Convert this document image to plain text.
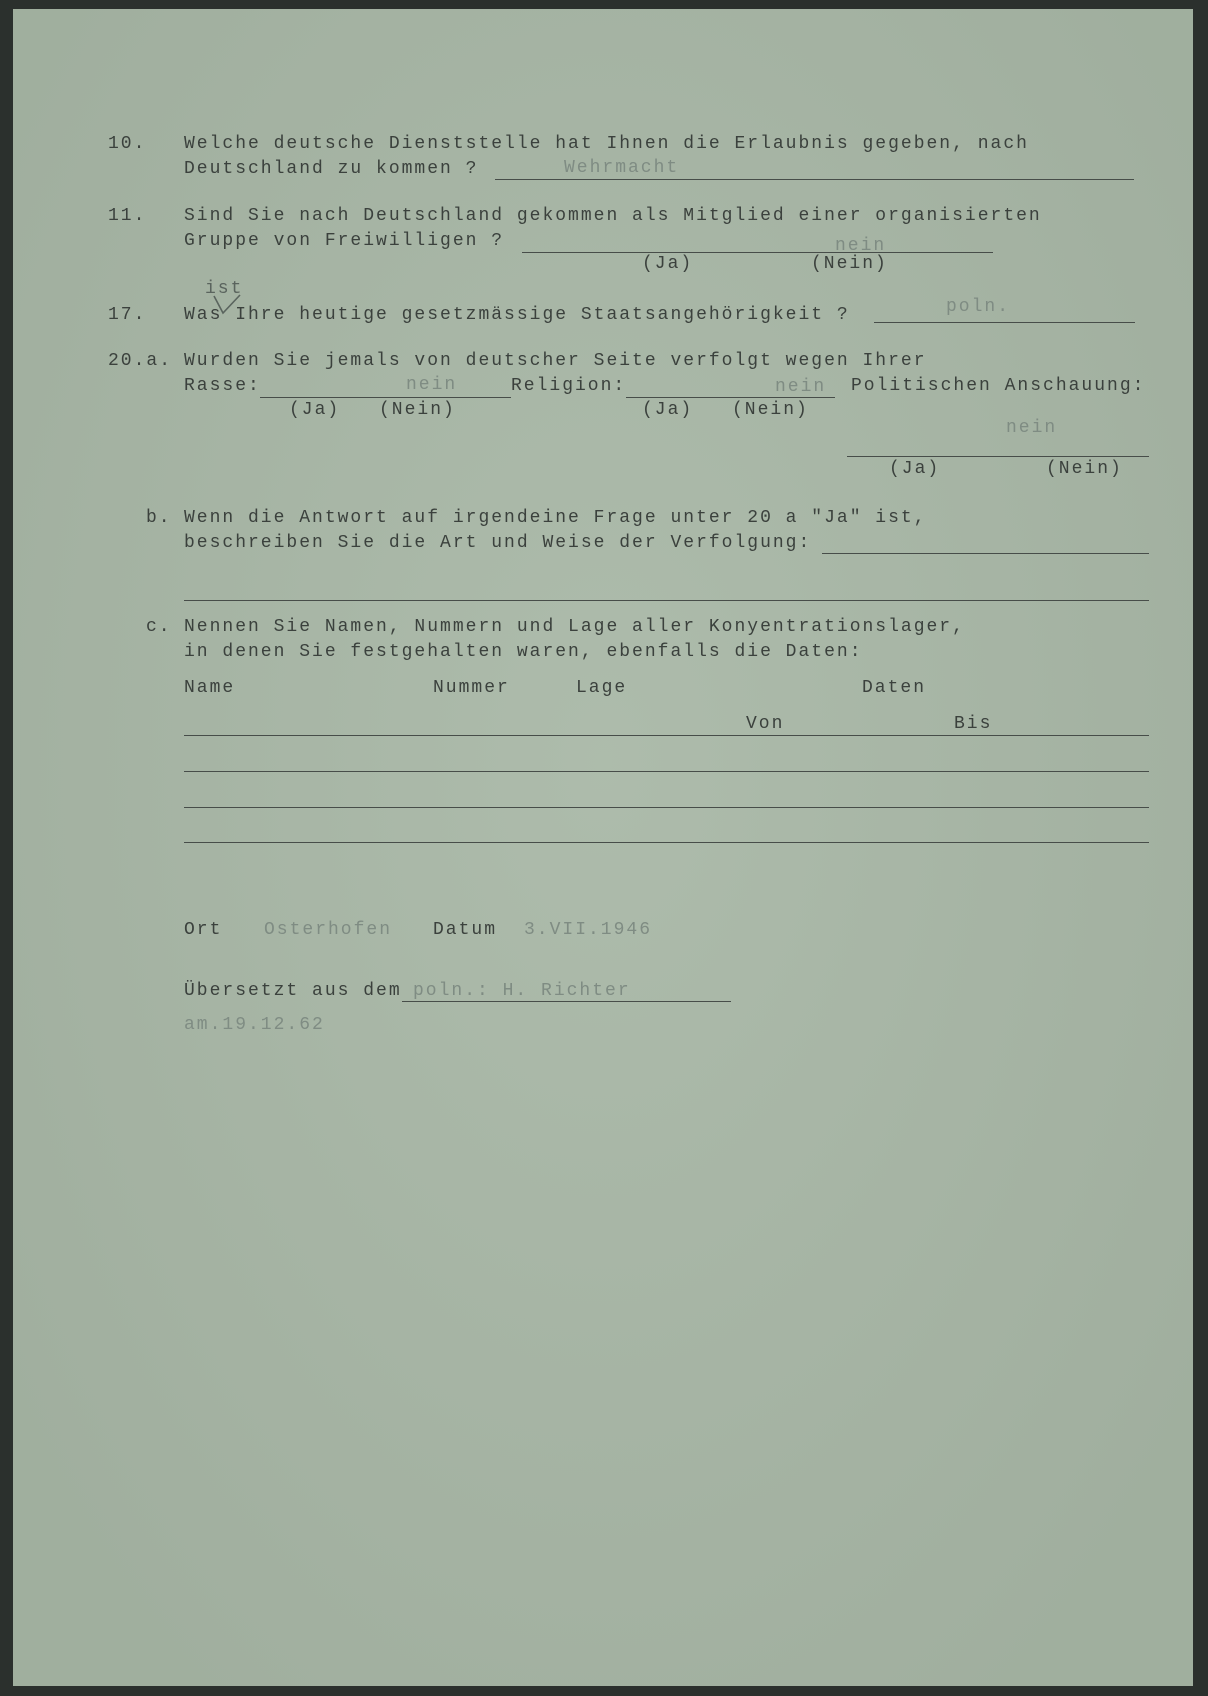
10. Welche deutsche Dienststelle hat Ihnen die Erlaubnis gegeben, nach
Deutschland zu kommen ?	Wehrmacht
11. Sind Sie nach Deutschland gekommen als Mitglied einer organisierten
Gruppe von Freiwilligen ?	nein
(Ja)	(Nein)
ist
17. Was Ihre heutige gesetzmässige Staatsangehörigkeit ?	poln.
20.a. Wurden Sie jemals von deutscher Seite verfolgt wegen Ihrer
Rasse:	nein
(Ja) (Nein)
Religion:	nein
(Ja) (Nein)
Politischen Anschauung:
nein
(Ja)	(Nein)
b. Wenn die Antwort auf irgendeine Frage unter 20 a "Ja" ist,
beschreiben Sie die Art und Weise der Verfolgung:
c. Nennen Sie Namen, Nummern und Lage aller Konyentrationslager,
in denen Sie festgehalten waren, ebenfalls die Daten:
Name	Nummer	Lage	Daten
Von	Bis
Ort Osterhofen Datum 3.VII.1946
Übersetzt aus dem poln.: H. Richter
am.19.12.62
